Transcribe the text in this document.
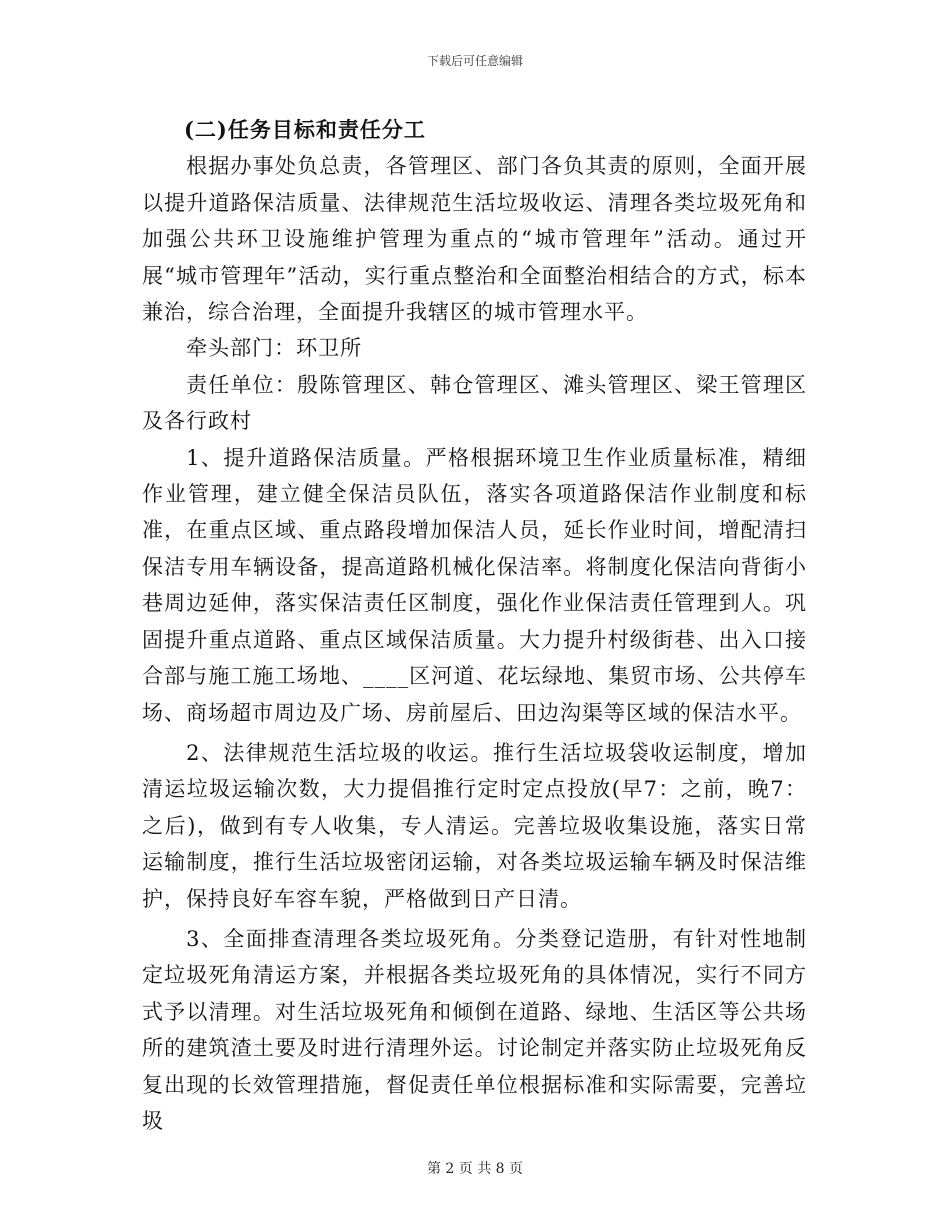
下载后可任意编辑

(二)任务目标和责任分工

根据办事处负总责，各管理区、部门各负其责的原则，全面开展以提升道路保洁质量、法律规范生活垃圾收运、清理各类垃圾死角和加强公共环卫设施维护管理为重点的“城市管理年”活动。通过开展“城市管理年”活动，实行重点整治和全面整治相结合的方式，标本兼治，综合治理，全面提升我辖区的城市管理水平。

牵头部门：环卫所

责任单位：殷陈管理区、韩仓管理区、滩头管理区、梁王管理区及各行政村

1、提升道路保洁质量。严格根据环境卫生作业质量标准，精细作业管理，建立健全保洁员队伍，落实各项道路保洁作业制度和标准，在重点区域、重点路段增加保洁人员，延长作业时间，增配清扫保洁专用车辆设备，提高道路机械化保洁率。将制度化保洁向背街小巷周边延伸，落实保洁责任区制度，强化作业保洁责任管理到人。巩固提升重点道路、重点区域保洁质量。大力提升村级街巷、出入口接合部与施工施工场地、____区河道、花坛绿地、集贸市场、公共停车场、商场超市周边及广场、房前屋后、田边沟渠等区域的保洁水平。

2、法律规范生活垃圾的收运。推行生活垃圾袋收运制度，增加清运垃圾运输次数，大力提倡推行定时定点投放(早7：之前，晚7：之后)，做到有专人收集，专人清运。完善垃圾收集设施，落实日常运输制度，推行生活垃圾密闭运输，对各类垃圾运输车辆及时保洁维护，保持良好车容车貌，严格做到日产日清。

3、全面排查清理各类垃圾死角。分类登记造册，有针对性地制定垃圾死角清运方案，并根据各类垃圾死角的具体情况，实行不同方式予以清理。对生活垃圾死角和倾倒在道路、绿地、生活区等公共场所的建筑渣土要及时进行清理外运。讨论制定并落实防止垃圾死角反复出现的长效管理措施，督促责任单位根据标准和实际需要，完善垃圾

第 2 页 共 8 页
